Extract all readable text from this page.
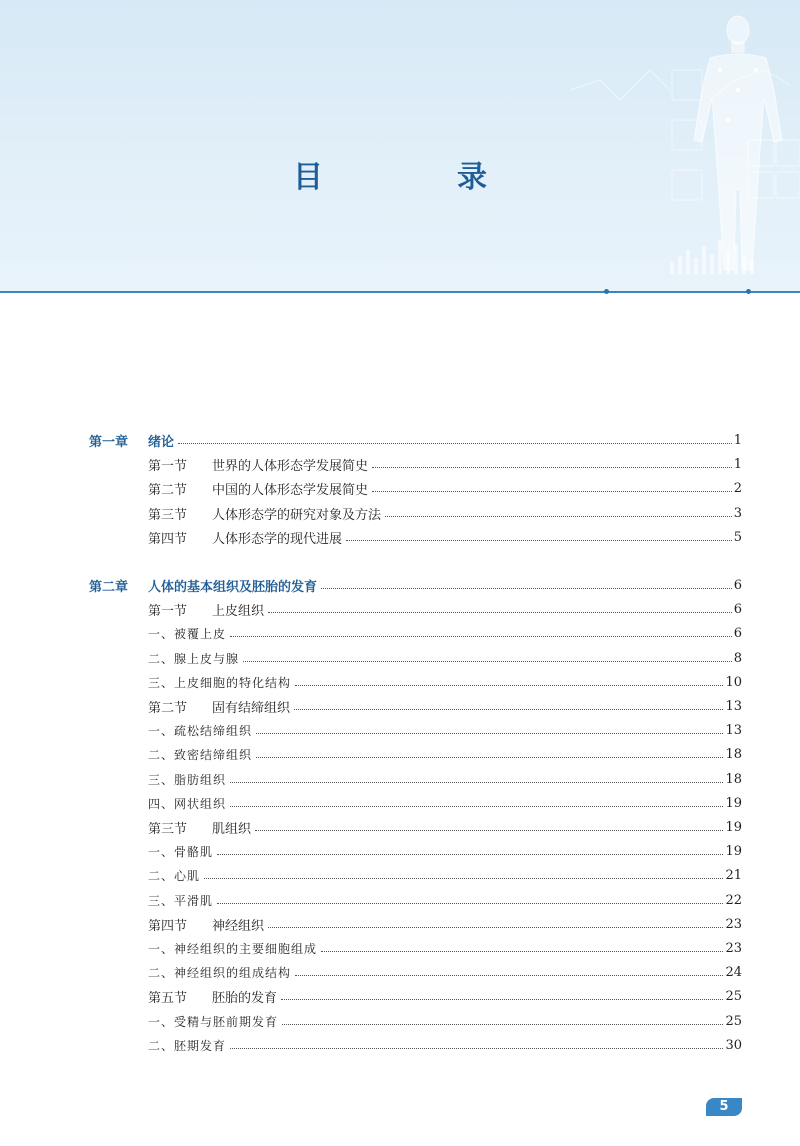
目　录
第一章 绪论	1
第一节 世界的人体形态学发展简史	1
第二节 中国的人体形态学发展简史	2
第三节 人体形态学的研究对象及方法	3
第四节 人体形态学的现代进展	5
第二章 人体的基本组织及胚胎的发育	6
第一节 上皮组织	6
一、被覆上皮	6
二、腺上皮与腺	8
三、上皮细胞的特化结构	10
第二节 固有结缔组织	13
一、疏松结缔组织	13
二、致密结缔组织	18
三、脂肪组织	18
四、网状组织	19
第三节 肌组织	19
一、骨骼肌	19
二、心肌	21
三、平滑肌	22
第四节 神经组织	23
一、神经组织的主要细胞组成	23
二、神经组织的组成结构	24
第五节 胚胎的发育	25
一、受精与胚前期发育	25
二、胚期发育	30
5
